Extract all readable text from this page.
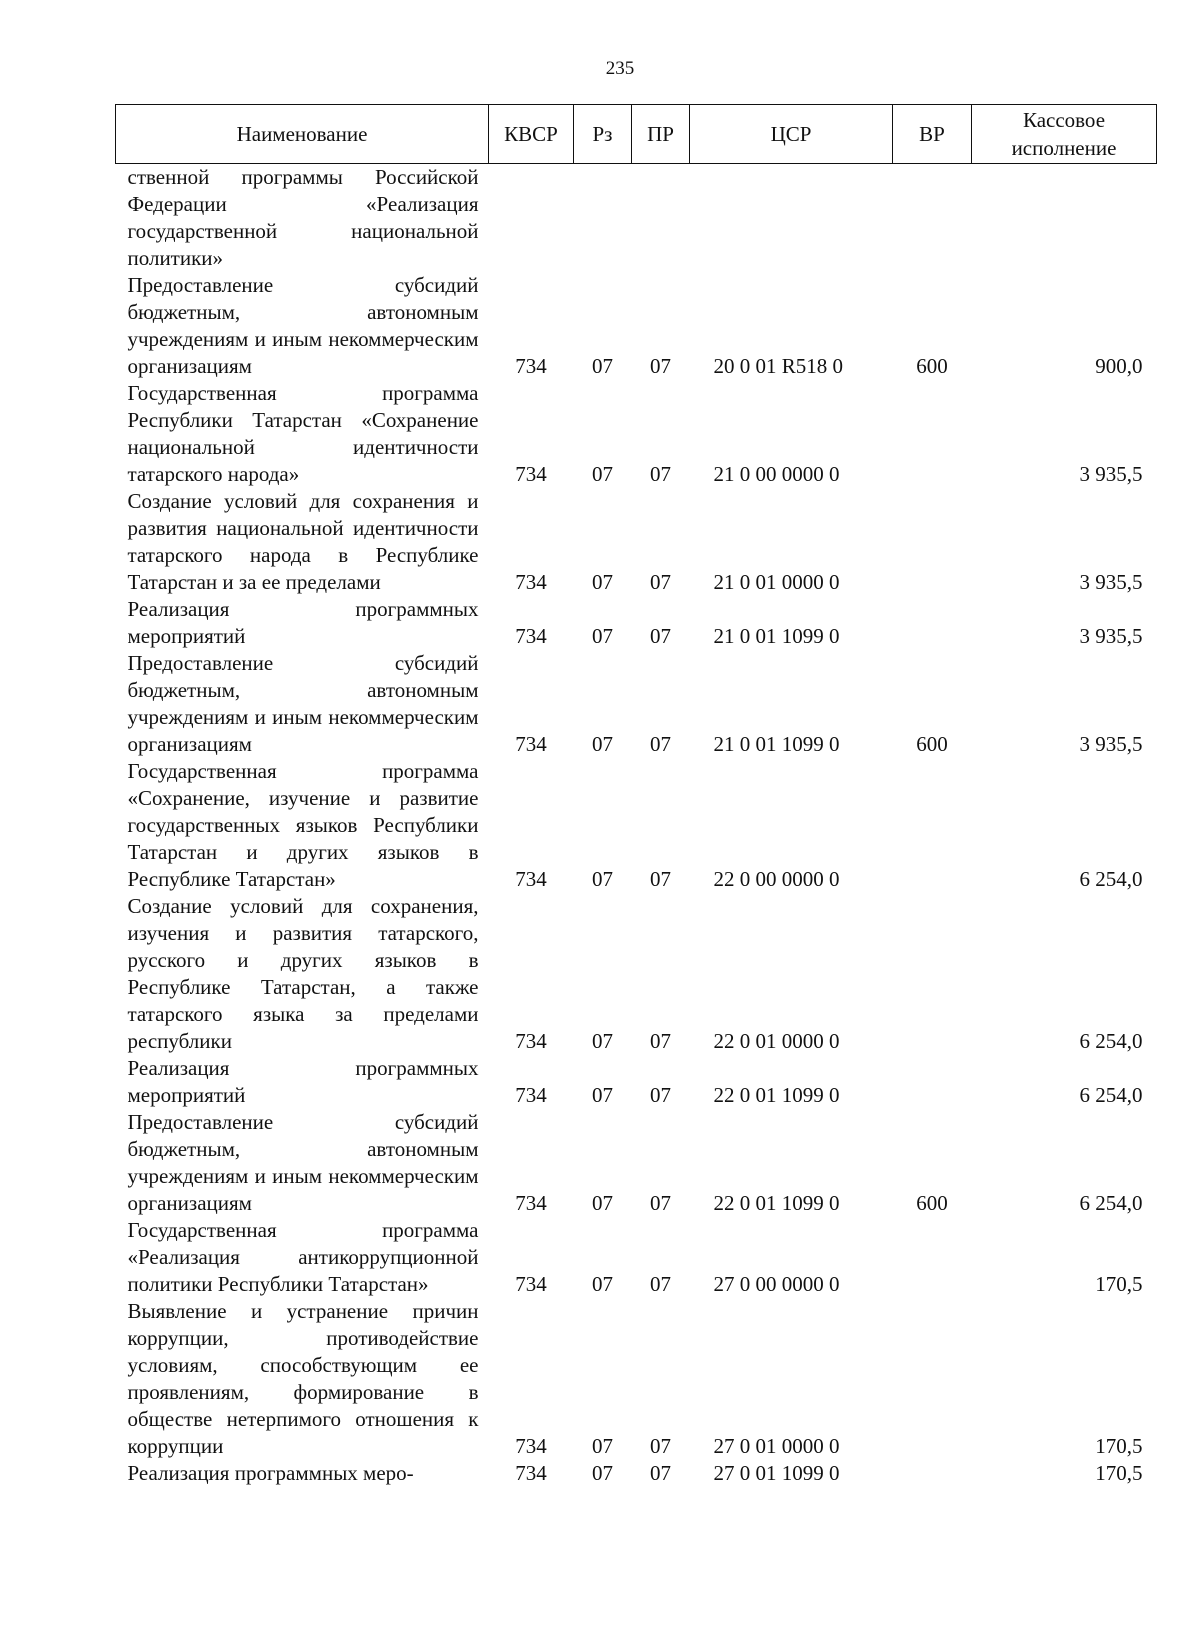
235
Наименование	КВСР	Рз	ПР	ЦСР	ВР	Кассовое
исполнение

ственной программы Российской Федерации «Реализация государственной национальной политики»						
Предоставление субсидий бюджетным, автономным учреждениям и иным некоммерческим организациям	734	07	07	20 0 01 R518 0	600	900,0
Государственная программа Республики Татарстан «Сохранение национальной идентичности татарского народа»	734	07	07	21 0 00 0000 0		3 935,5
Создание условий для сохранения и развития национальной идентичности татарского народа в Республике Татарстан и за ее пределами	734	07	07	21 0 01 0000 0		3 935,5
Реализация программных мероприятий	734	07	07	21 0 01 1099 0		3 935,5
Предоставление субсидий бюджетным, автономным учреждениям и иным некоммерческим организациям	734	07	07	21 0 01 1099 0	600	3 935,5
Государственная программа «Сохранение, изучение и развитие государственных языков Республики Татарстан и других языков в Республике Татарстан»	734	07	07	22 0 00 0000 0		6 254,0
Создание условий для сохранения, изучения и развития татарского, русского и других языков в Республике Татарстан, а также татарского языка за пределами республики	734	07	07	22 0 01 0000 0		6 254,0
Реализация программных мероприятий	734	07	07	22 0 01 1099 0		6 254,0
Предоставление субсидий бюджетным, автономным учреждениям и иным некоммерческим организациям	734	07	07	22 0 01 1099 0	600	6 254,0
Государственная программа «Реализация антикоррупционной политики Республики Татарстан»	734	07	07	27 0 00 0000 0		170,5
Выявление и устранение причин коррупции, противодействие условиям, способствующим ее проявлениям, формирование в обществе нетерпимого отношения к коррупции	734	07	07	27 0 01 0000 0		170,5
Реализация программных меро-	734	07	07	27 0 01 1099 0		170,5
